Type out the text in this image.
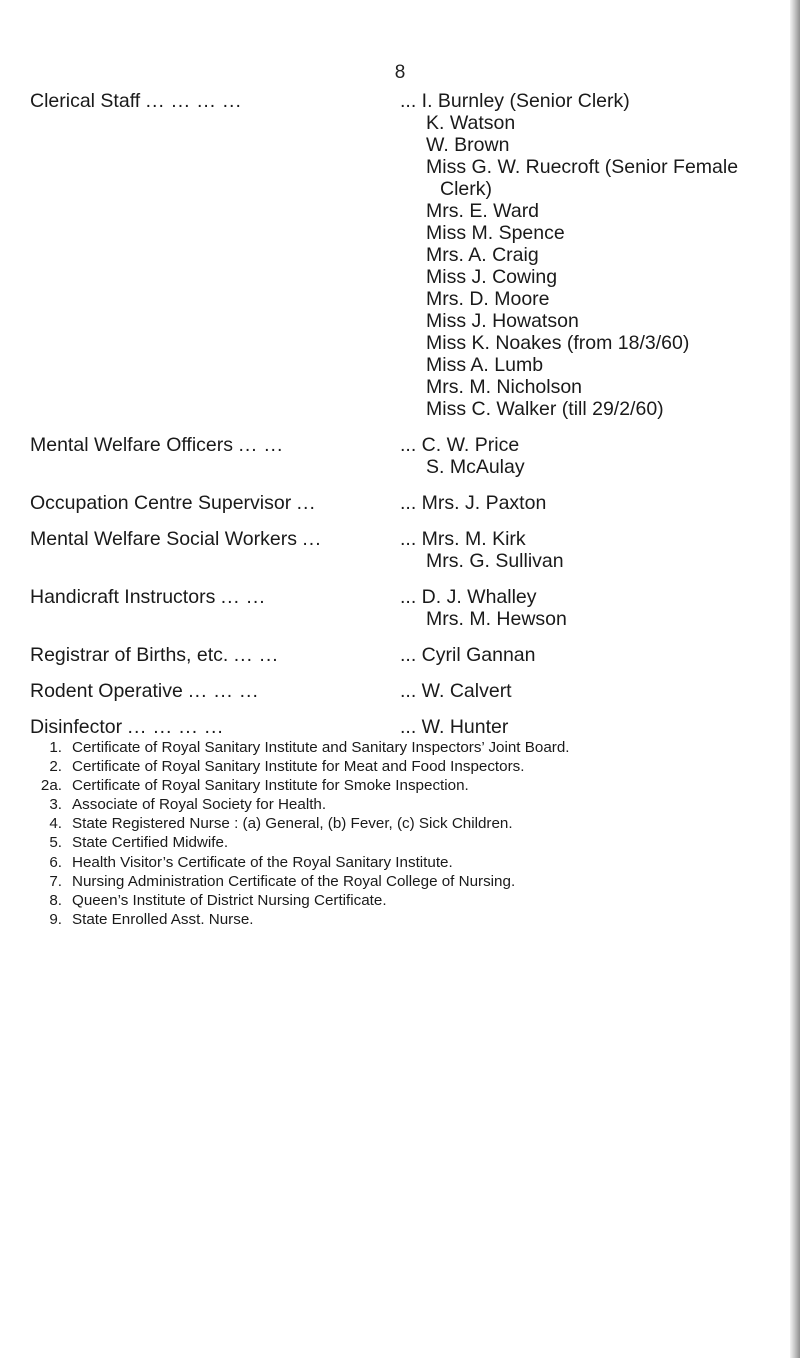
8
Clerical Staff ... ... ... ...	... I. Burnley (Senior Clerk)
K. Watson
W. Brown
Miss G. W. Ruecroft (Senior Female
Clerk)
Mrs. E. Ward
Miss M. Spence
Mrs. A. Craig
Miss J. Cowing
Mrs. D. Moore
Miss J. Howatson
Miss K. Noakes (from 18/3/60)
Miss A. Lumb
Mrs. M. Nicholson
Miss C. Walker (till 29/2/60)
Mental Welfare Officers ... ...	... C. W. Price
S. McAulay
Occupation Centre Supervisor ...	... Mrs. J. Paxton
Mental Welfare Social Workers ...	... Mrs. M. Kirk
Mrs. G. Sullivan
Handicraft Instructors ... ...	... D. J. Whalley
Mrs. M. Hewson
Registrar of Births, etc. ... ...	... Cyril Gannan
Rodent Operative ... ... ...	... W. Calvert
Disinfector ... ... ... ...	... W. Hunter
1. Certificate of Royal Sanitary Institute and Sanitary Inspectors’ Joint Board.
2. Certificate of Royal Sanitary Institute for Meat and Food Inspectors.
2a. Certificate of Royal Sanitary Institute for Smoke Inspection.
3. Associate of Royal Society for Health.
4. State Registered Nurse : (a) General, (b) Fever, (c) Sick Children.
5. State Certified Midwife.
6. Health Visitor’s Certificate of the Royal Sanitary Institute.
7. Nursing Administration Certificate of the Royal College of Nursing.
8. Queen’s Institute of District Nursing Certificate.
9. State Enrolled Asst. Nurse.
